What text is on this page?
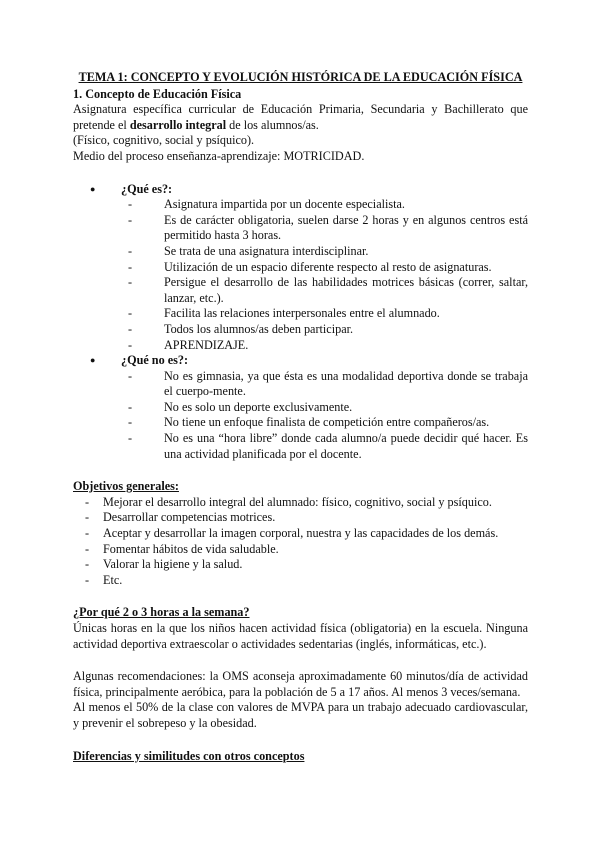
TEMA 1: CONCEPTO Y EVOLUCIÓN HISTÓRICA DE LA EDUCACIÓN FÍSICA
1. Concepto de Educación Física
Asignatura específica curricular de Educación Primaria, Secundaria y Bachillerato que pretende el desarrollo integral de los alumnos/as.
(Físico, cognitivo, social y psíquico).
Medio del proceso enseñanza-aprendizaje: MOTRICIDAD.
● ¿Qué es?:
- Asignatura impartida por un docente especialista.
- Es de carácter obligatoria, suelen darse 2 horas y en algunos centros está permitido hasta 3 horas.
- Se trata de una asignatura interdisciplinar.
- Utilización de un espacio diferente respecto al resto de asignaturas.
- Persigue el desarrollo de las habilidades motrices básicas (correr, saltar, lanzar, etc.).
- Facilita las relaciones interpersonales entre el alumnado.
- Todos los alumnos/as deben participar.
- APRENDIZAJE.
● ¿Qué no es?:
- No es gimnasia, ya que ésta es una modalidad deportiva donde se trabaja el cuerpo-mente.
- No es solo un deporte exclusivamente.
- No tiene un enfoque finalista de competición entre compañeros/as.
- No es una “hora libre” donde cada alumno/a puede decidir qué hacer. Es una actividad planificada por el docente.
Objetivos generales:
- Mejorar el desarrollo integral del alumnado: físico, cognitivo, social y psíquico.
- Desarrollar competencias motrices.
- Aceptar y desarrollar la imagen corporal, nuestra y las capacidades de los demás.
- Fomentar hábitos de vida saludable.
- Valorar la higiene y la salud.
- Etc.
¿Por qué 2 o 3 horas a la semana?
Únicas horas en la que los niños hacen actividad física (obligatoria) en la escuela. Ninguna actividad deportiva extraescolar o actividades sedentarias (inglés, informáticas, etc.).
Algunas recomendaciones: la OMS aconseja aproximadamente 60 minutos/día de actividad física, principalmente aeróbica, para la población de 5 a 17 años. Al menos 3 veces/semana.
Al menos el 50% de la clase con valores de MVPA para un trabajo adecuado cardiovascular, y prevenir el sobrepeso y la obesidad.
Diferencias y similitudes con otros conceptos
